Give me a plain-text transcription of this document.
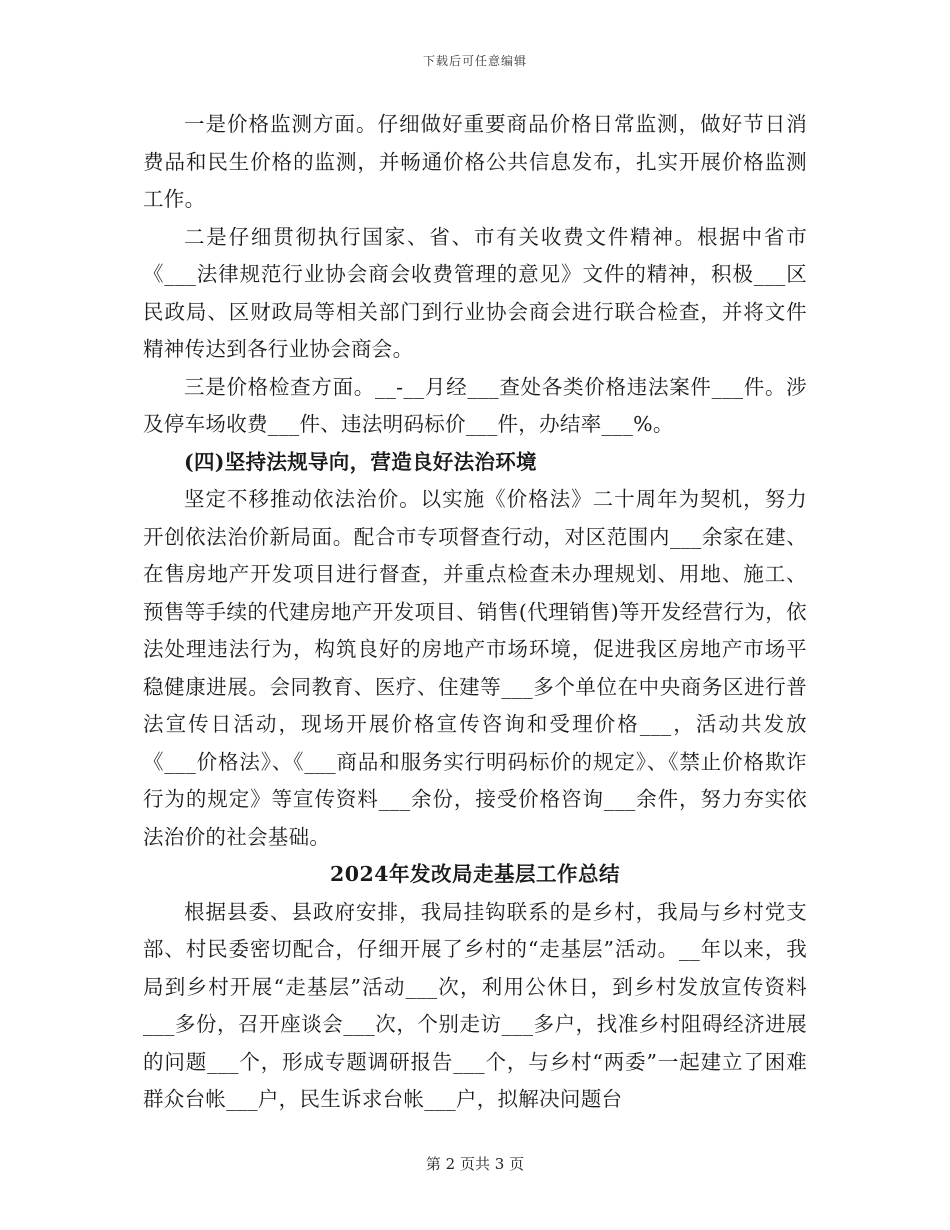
下载后可任意编辑

一是价格监测方面。仔细做好重要商品价格日常监测，做好节日消费品和民生价格的监测，并畅通价格公共信息发布，扎实开展价格监测工作。

二是仔细贯彻执行国家、省、市有关收费文件精神。根据中省市《___法律规范行业协会商会收费管理的意见》文件的精神，积极___区民政局、区财政局等相关部门到行业协会商会进行联合检查，并将文件精神传达到各行业协会商会。

三是价格检查方面。__-__月经___查处各类价格违法案件___件。涉及停车场收费___件、违法明码标价___件，办结率___%。

(四)坚持法规导向，营造良好法治环境

坚定不移推动依法治价。以实施《价格法》二十周年为契机，努力开创依法治价新局面。配合市专项督查行动，对区范围内___余家在建、在售房地产开发项目进行督查，并重点检查未办理规划、用地、施工、预售等手续的代建房地产开发项目、销售(代理销售)等开发经营行为，依法处理违法行为，构筑良好的房地产市场环境，促进我区房地产市场平稳健康进展。会同教育、医疗、住建等___多个单位在中央商务区进行普法宣传日活动，现场开展价格宣传咨询和受理价格___，活动共发放《___价格法》、《___商品和服务实行明码标价的规定》、《禁止价格欺诈行为的规定》等宣传资料___余份，接受价格咨询___余件，努力夯实依法治价的社会基础。

2024年发改局走基层工作总结

根据县委、县政府安排，我局挂钩联系的是乡村，我局与乡村党支部、村民委密切配合，仔细开展了乡村的“走基层”活动。__年以来，我局到乡村开展“走基层”活动___次，利用公休日，到乡村发放宣传资料___多份，召开座谈会___次，个别走访___多户，找准乡村阻碍经济进展的问题___个，形成专题调研报告___个，与乡村“两委”一起建立了困难群众台帐___户，民生诉求台帐___户，拟解决问题台

第 2 页共 3 页
